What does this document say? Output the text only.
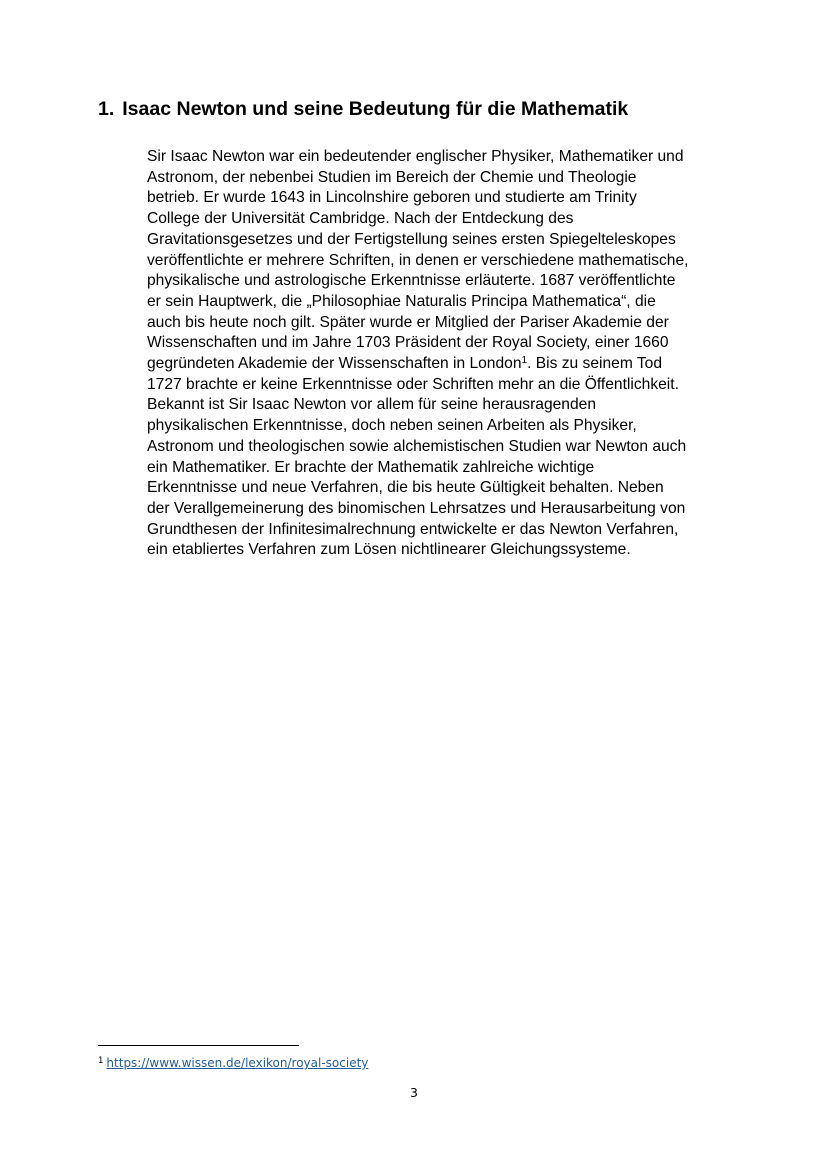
1. Isaac Newton und seine Bedeutung für die Mathematik

Sir Isaac Newton war ein bedeutender englischer Physiker, Mathematiker und
Astronom, der nebenbei Studien im Bereich der Chemie und Theologie
betrieb. Er wurde 1643 in Lincolnshire geboren und studierte am Trinity
College der Universität Cambridge. Nach der Entdeckung des
Gravitationsgesetzes und der Fertigstellung seines ersten Spiegelteleskopes
veröffentlichte er mehrere Schriften, in denen er verschiedene mathematische,
physikalische und astrologische Erkenntnisse erläuterte. 1687 veröffentlichte
er sein Hauptwerk, die „Philosophiae Naturalis Principa Mathematica“, die
auch bis heute noch gilt. Später wurde er Mitglied der Pariser Akademie der
Wissenschaften und im Jahre 1703 Präsident der Royal Society, einer 1660
gegründeten Akademie der Wissenschaften in London$^1$. Bis zu seinem Tod
1727 brachte er keine Erkenntnisse oder Schriften mehr an die Öffentlichkeit.
Bekannt ist Sir Isaac Newton vor allem für seine herausragenden
physikalischen Erkenntnisse, doch neben seinen Arbeiten als Physiker,
Astronom und theologischen sowie alchemistischen Studien war Newton auch
ein Mathematiker. Er brachte der Mathematik zahlreiche wichtige
Erkenntnisse und neue Verfahren, die bis heute Gültigkeit behalten. Neben
der Verallgemeinerung des binomischen Lehrsatzes und Herausarbeitung von
Grundthesen der Infinitesimalrechnung entwickelte er das Newton Verfahren,
ein etabliertes Verfahren zum Lösen nichtlinearer Gleichungssysteme.

$^1$ https://www.wissen.de/lexikon/royal-society
3
